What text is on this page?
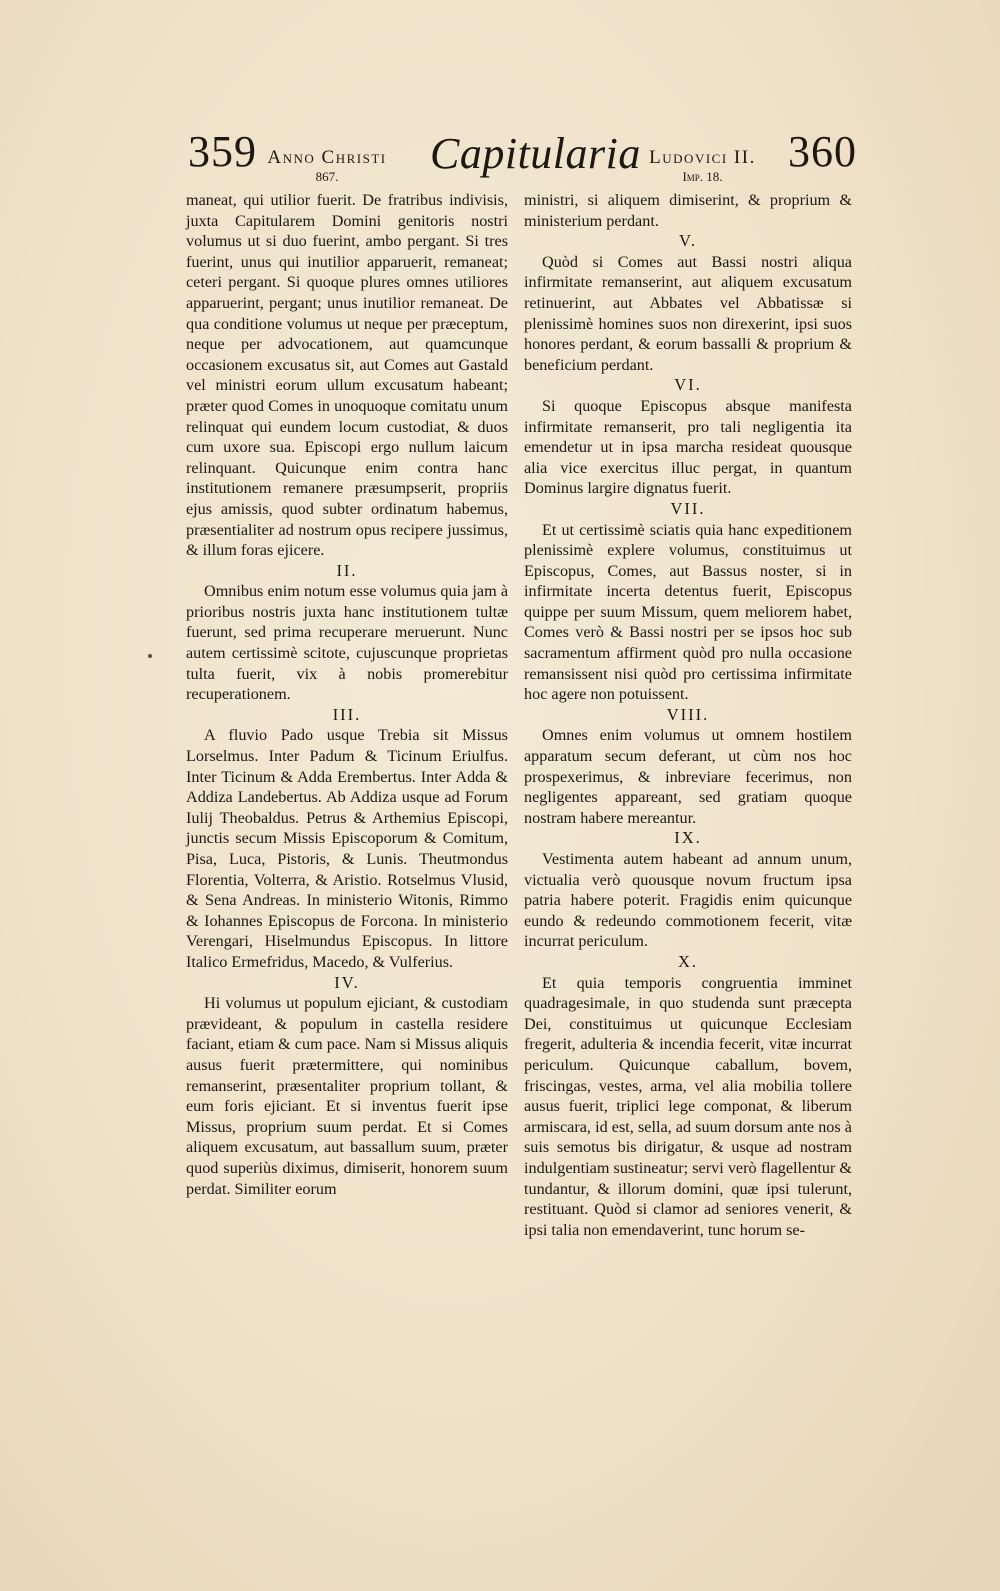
359 Anno Christi
867.	Capitularia Ludovici II.
Imp. 18.
360

maneat, qui utilior fuerit. De fratribus indivisis, juxta Capitularem Domini genitoris nostri volumus ut si duo fuerint, ambo pergant. Si tres fuerint, unus qui inutilior apparuerit, remaneat; ceteri pergant. Si quoque plures omnes utiliores apparuerint, pergant; unus inutilior remaneat. De qua conditione volumus ut neque per præceptum, neque per advocationem, aut quamcunque occasionem excusatus sit, aut Comes aut Gastald vel ministri eorum ullum excusatum habeant; præter quod Comes in unoquoque comitatu unum relinquat qui eundem locum custodiat, & duos cum uxore sua. Episcopi ergo nullum laicum relinquant. Quicunque enim contra hanc institutionem remanere præsumpserit, propriis ejus amissis, quod subter ordinatum habemus, præsentialiter ad nostrum opus recipere jussimus, & illum foras ejicere.

II.

Omnibus enim notum esse volumus quia jam à prioribus nostris juxta hanc institutionem tultæ fuerunt, sed prima recuperare meruerunt. Nunc autem certissimè scitote, cujuscunque proprietas tulta fuerit, vix à nobis promerebitur recuperationem.

III.

A fluvio Pado usque Trebia sit Missus Lorselmus. Inter Padum & Ticinum Eriulfus. Inter Ticinum & Adda Erembertus. Inter Adda & Addiza Landebertus. Ab Addiza usque ad Forum Iulij Theobaldus. Petrus & Arthemius Episcopi, junctis secum Missis Episcoporum & Comitum, Pisa, Luca, Pistoris, & Lunis. Theutmondus Florentia, Volterra, & Aristio. Rotselmus Vlusid, & Sena Andreas. In ministerio Witonis, Rimmo & Iohannes Episcopus de Forcona. In ministerio Verengari, Hiselmundus Episcopus. In littore Italico Ermefridus, Macedo, & Vulferius.

IV.

Hi volumus ut populum ejiciant, & custodiam prævideant, & populum in castella residere faciant, etiam & cum pace. Nam si Missus aliquis ausus fuerit prætermittere, qui nominibus remanserint, præsentaliter proprium tollant, & eum foris ejiciant. Et si inventus fuerit ipse Missus, proprium suum perdat. Et si Comes aliquem excusatum, aut bassallum suum, præter quod superiùs diximus, dimiserit, honorem suum perdat. Similiter eorum

ministri, si aliquem dimiserint, & proprium & ministerium perdant.

V.

Quòd si Comes aut Bassi nostri aliqua infirmitate remanserint, aut aliquem excusatum retinuerint, aut Abbates vel Abbatissæ si plenissimè homines suos non direxerint, ipsi suos honores perdant, & eorum bassalli & proprium & beneficium perdant.

VI.

Si quoque Episcopus absque manifesta infirmitate remanserit, pro tali negligentia ita emendetur ut in ipsa marcha resideat quousque alia vice exercitus illuc pergat, in quantum Dominus largire dignatus fuerit.

VII.

Et ut certissimè sciatis quia hanc expeditionem plenissimè explere volumus, constituimus ut Episcopus, Comes, aut Bassus noster, si in infirmitate incerta detentus fuerit, Episcopus quippe per suum Missum, quem meliorem habet, Comes verò & Bassi nostri per se ipsos hoc sub sacramentum affirment quòd pro nulla occasione remansissent nisi quòd pro certissima infirmitate hoc agere non potuissent.

VIII.

Omnes enim volumus ut omnem hostilem apparatum secum deferant, ut cùm nos hoc prospexerimus, & inbreviare fecerimus, non negligentes appareant, sed gratiam quoque nostram habere mereantur.

IX.

Vestimenta autem habeant ad annum unum, victualia verò quousque novum fructum ipsa patria habere poterit. Fragidis enim quicunque eundo & redeundo commotionem fecerit, vitæ incurrat periculum.

X.

Et quia temporis congruentia imminet quadragesimale, in quo studenda sunt præcepta Dei, constituimus ut quicunque Ecclesiam fregerit, adulteria & incendia fecerit, vitæ incurrat periculum. Quicunque caballum, bovem, friscingas, vestes, arma, vel alia mobilia tollere ausus fuerit, triplici lege componat, & liberum armiscara, id est, sella, ad suum dorsum ante nos à suis semotus bis dirigatur, & usque ad nostram indulgentiam sustineatur; servi verò flagellentur & tundantur, & illorum domini, quæ ipsi tulerunt, restituant. Quòd si clamor ad seniores venerit, & ipsi talia non emendaverint, tunc horum se-
